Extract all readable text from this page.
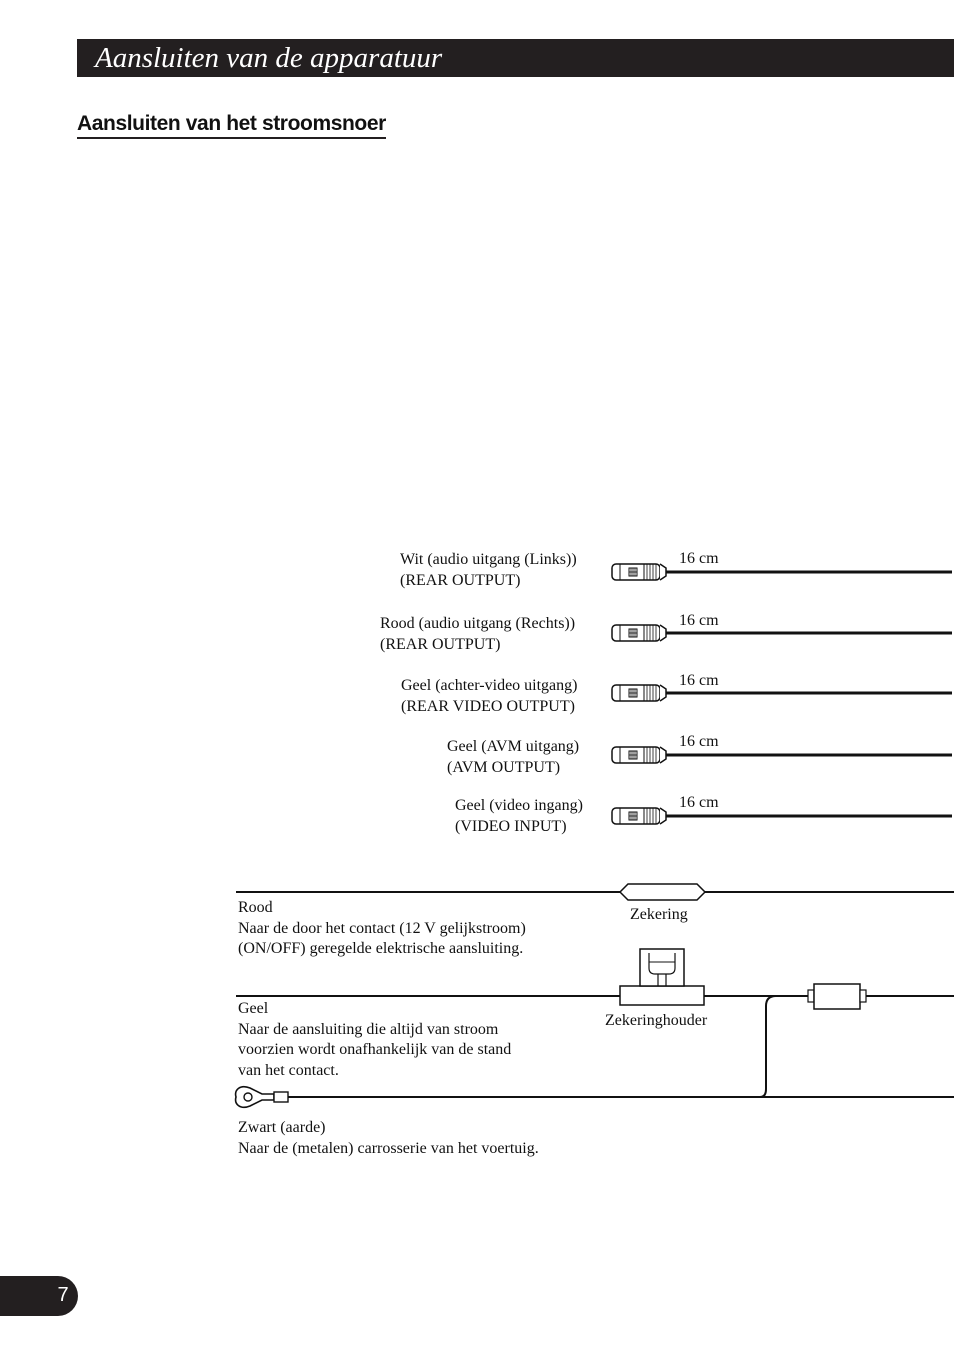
Aansluiten van de apparatuur
Aansluiten van het stroomsnoer
Wit (audio uitgang (Links))
(REAR OUTPUT)
16 cm
Rood (audio uitgang (Rechts))
(REAR OUTPUT)
16 cm
Geel (achter-video uitgang)
(REAR VIDEO OUTPUT)
16 cm
Geel (AVM uitgang)
(AVM OUTPUT)
16 cm
Geel (video ingang)
(VIDEO INPUT)
16 cm
Rood
Naar de door het contact (12 V gelijkstroom)
(ON/OFF) geregelde elektrische aansluiting.
Zekering
Geel
Naar de aansluiting die altijd van stroom
voorzien wordt onafhankelijk van de stand
van het contact.
Zekeringhouder
Zwart (aarde)
Naar de (metalen) carrosserie van het voertuig.
7
